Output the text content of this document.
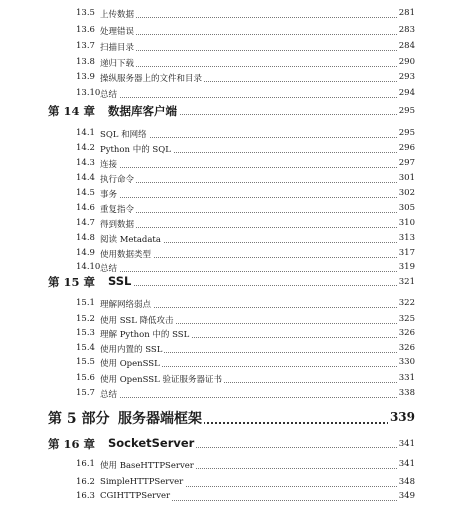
13.5 上传数据	281
13.6 处理错误	283
13.7 扫描目录	284
13.8 递归下载	290
13.9 操纵服务器上的文件和目录	293
13.10 总结	294
第 14 章 数据库客户端	295
14.1 SQL 和网络	295
14.2 Python 中的 SQL	296
14.3 连接	297
14.4 执行命令	301
14.5 事务	302
14.6 重复指令	305
14.7 得到数据	310
14.8 阅读 Metadata	313
14.9 使用数据类型	317
14.10 总结	319
第 15 章 SSL	321
15.1 理解网络弱点	322
15.2 使用 SSL 降低攻击	325
15.3 理解 Python 中的 SSL	326
15.4 使用内置的 SSL	326
15.5 使用 OpenSSL	330
15.6 使用 OpenSSL 验证服务器证书	331
15.7 总结	338
第 5 部分 服务器端框架	339
第 16 章 SocketServer	341
16.1 使用 BaseHTTPServer	341
16.2 SimpleHTTPServer	348
16.3 CGIHTTPServer	349
